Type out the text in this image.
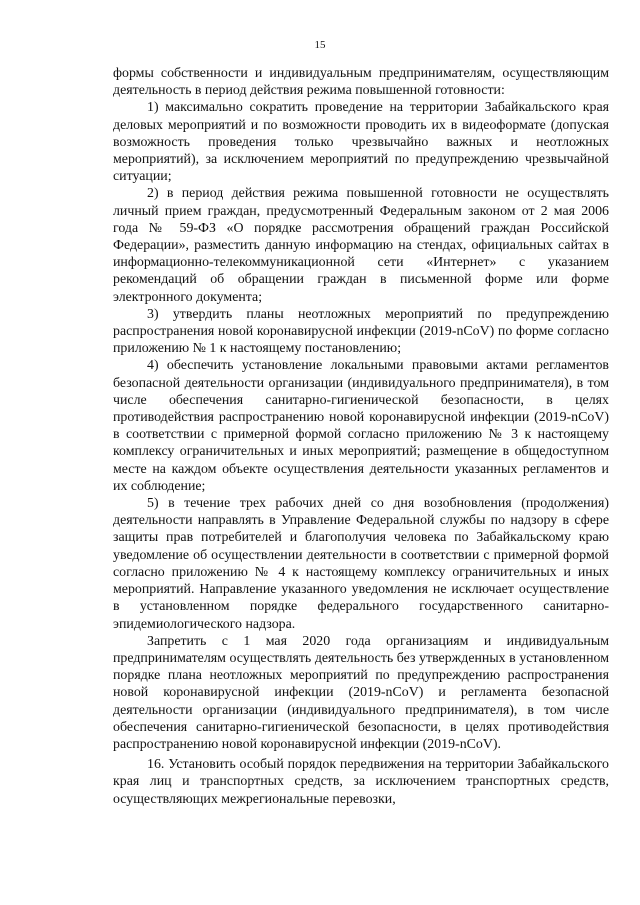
15

формы собственности и индивидуальным предпринимателям, осуществляющим деятельность в период действия режима повышенной готовности:

1) максимально сократить проведение на территории Забайкальского края деловых мероприятий и по возможности проводить их в видеоформате (допуская возможность проведения только чрезвычайно важных и неотложных мероприятий), за исключением мероприятий по предупреждению чрезвычайной ситуации;

2) в период действия режима повышенной готовности не осуществлять личный прием граждан, предусмотренный Федеральным законом от 2 мая 2006 года № 59-ФЗ «О порядке рассмотрения обращений граждан Российской Федерации», разместить данную информацию на стендах, официальных сайтах в информационно-телекоммуникационной сети «Интернет» с указанием рекомендаций об обращении граждан в письменной форме или форме электронного документа;

3) утвердить планы неотложных мероприятий по предупреждению распространения новой коронавирусной инфекции (2019-nCoV) по форме согласно приложению № 1 к настоящему постановлению;

4) обеспечить установление локальными правовыми актами регламентов безопасной деятельности организации (индивидуального предпринимателя), в том числе обеспечения санитарно-гигиенической безопасности, в целях противодействия распространению новой коронавирусной инфекции (2019-nCoV) в соответствии с примерной формой согласно приложению № 3 к настоящему комплексу ограничительных и иных мероприятий; размещение в общедоступном месте на каждом объекте осуществления деятельности указанных регламентов и их соблюдение;

5) в течение трех рабочих дней со дня возобновления (продолжения) деятельности направлять в Управление Федеральной службы по надзору в сфере защиты прав потребителей и благополучия человека по Забайкальскому краю уведомление об осуществлении деятельности в соответствии с примерной формой согласно приложению № 4 к настоящему комплексу ограничительных и иных мероприятий. Направление указанного уведомления не исключает осуществление в установленном порядке федерального государственного санитарно-эпидемиологического надзора.

Запретить с 1 мая 2020 года организациям и индивидуальным предпринимателям осуществлять деятельность без утвержденных в установленном порядке плана неотложных мероприятий по предупреждению распространения новой коронавирусной инфекции (2019-nCoV) и регламента безопасной деятельности организации (индивидуального предпринимателя), в том числе обеспечения санитарно-гигиенической безопасности, в целях противодействия распространению новой коронавирусной инфекции (2019-nCoV).

16. Установить особый порядок передвижения на территории Забайкальского края лиц и транспортных средств, за исключением транспортных средств, осуществляющих межрегиональные перевозки,
